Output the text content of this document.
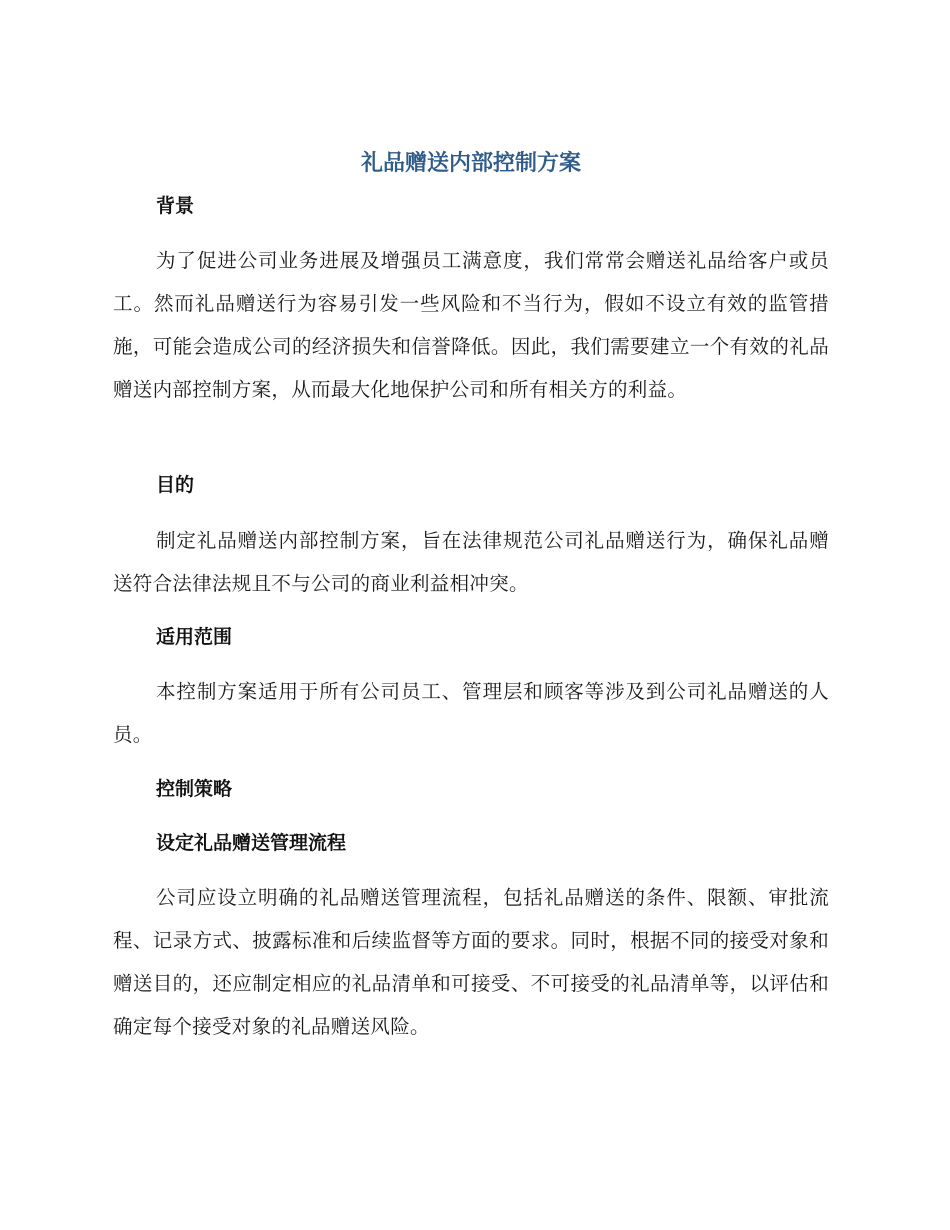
礼品赠送内部控制方案
背景

为了促进公司业务进展及增强员工满意度，我们常常会赠送礼品给客户或员工。然而礼品赠送行为容易引发一些风险和不当行为，假如不设立有效的监管措施，可能会造成公司的经济损失和信誉降低。因此，我们需要建立一个有效的礼品赠送内部控制方案，从而最大化地保护公司和所有相关方的利益。

目的

制定礼品赠送内部控制方案，旨在法律规范公司礼品赠送行为，确保礼品赠送符合法律法规且不与公司的商业利益相冲突。

适用范围

本控制方案适用于所有公司员工、管理层和顾客等涉及到公司礼品赠送的人员。

控制策略
设定礼品赠送管理流程

公司应设立明确的礼品赠送管理流程，包括礼品赠送的条件、限额、审批流程、记录方式、披露标准和后续监督等方面的要求。同时，根据不同的接受对象和赠送目的，还应制定相应的礼品清单和可接受、不可接受的礼品清单等，以评估和确定每个接受对象的礼品赠送风险。
